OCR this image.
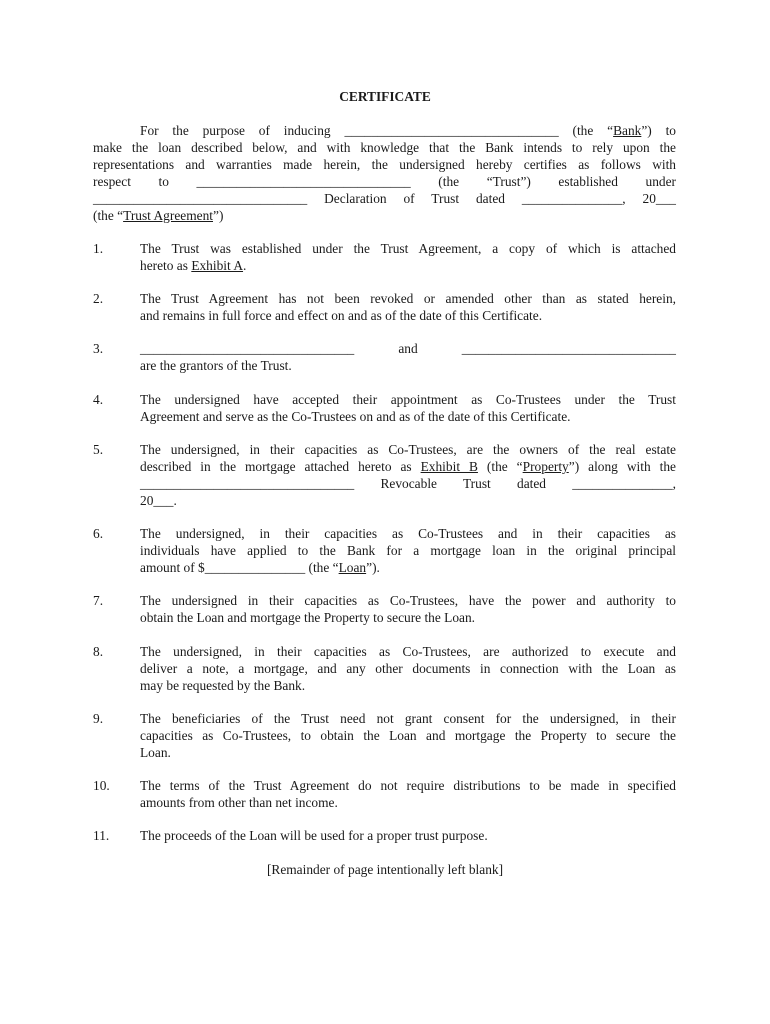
CERTIFICATE
For the purpose of inducing ________________________________ (the “Bank”) to
make the loan described below, and with knowledge that the Bank intends to rely upon the
representations and warranties made herein, the undersigned hereby certifies as follows with
respect to ________________________________ (the “Trust”) established under
________________________________ Declaration of Trust dated _______________, 20___
(the “Trust Agreement”)
1.	The Trust was established under the Trust Agreement, a copy of which is attached
hereto as Exhibit A.
2.	The Trust Agreement has not been revoked or amended other than as stated herein,
and remains in full force and effect on and as of the date of this Certificate.
3.	________________________________ and ________________________________
are the grantors of the Trust.
4.	The undersigned have accepted their appointment as Co-Trustees under the Trust
Agreement and serve as the Co-Trustees on and as of the date of this Certificate.
5.	The undersigned, in their capacities as Co-Trustees, are the owners of the real estate
described in the mortgage attached hereto as Exhibit B (the “Property”) along with the
________________________________ Revocable Trust dated _______________,
20___.
6.	The undersigned, in their capacities as Co-Trustees and in their capacities as
individuals have applied to the Bank for a mortgage loan in the original principal
amount of $_______________ (the “Loan”).
7.	The undersigned in their capacities as Co-Trustees, have the power and authority to
obtain the Loan and mortgage the Property to secure the Loan.
8.	The undersigned, in their capacities as Co-Trustees, are authorized to execute and
deliver a note, a mortgage, and any other documents in connection with the Loan as
may be requested by the Bank.
9.	The beneficiaries of the Trust need not grant consent for the undersigned, in their
capacities as Co-Trustees, to obtain the Loan and mortgage the Property to secure the
Loan.
10. The terms of the Trust Agreement do not require distributions to be made in specified
amounts from other than net income.
11. The proceeds of the Loan will be used for a proper trust purpose.
[Remainder of page intentionally left blank]
